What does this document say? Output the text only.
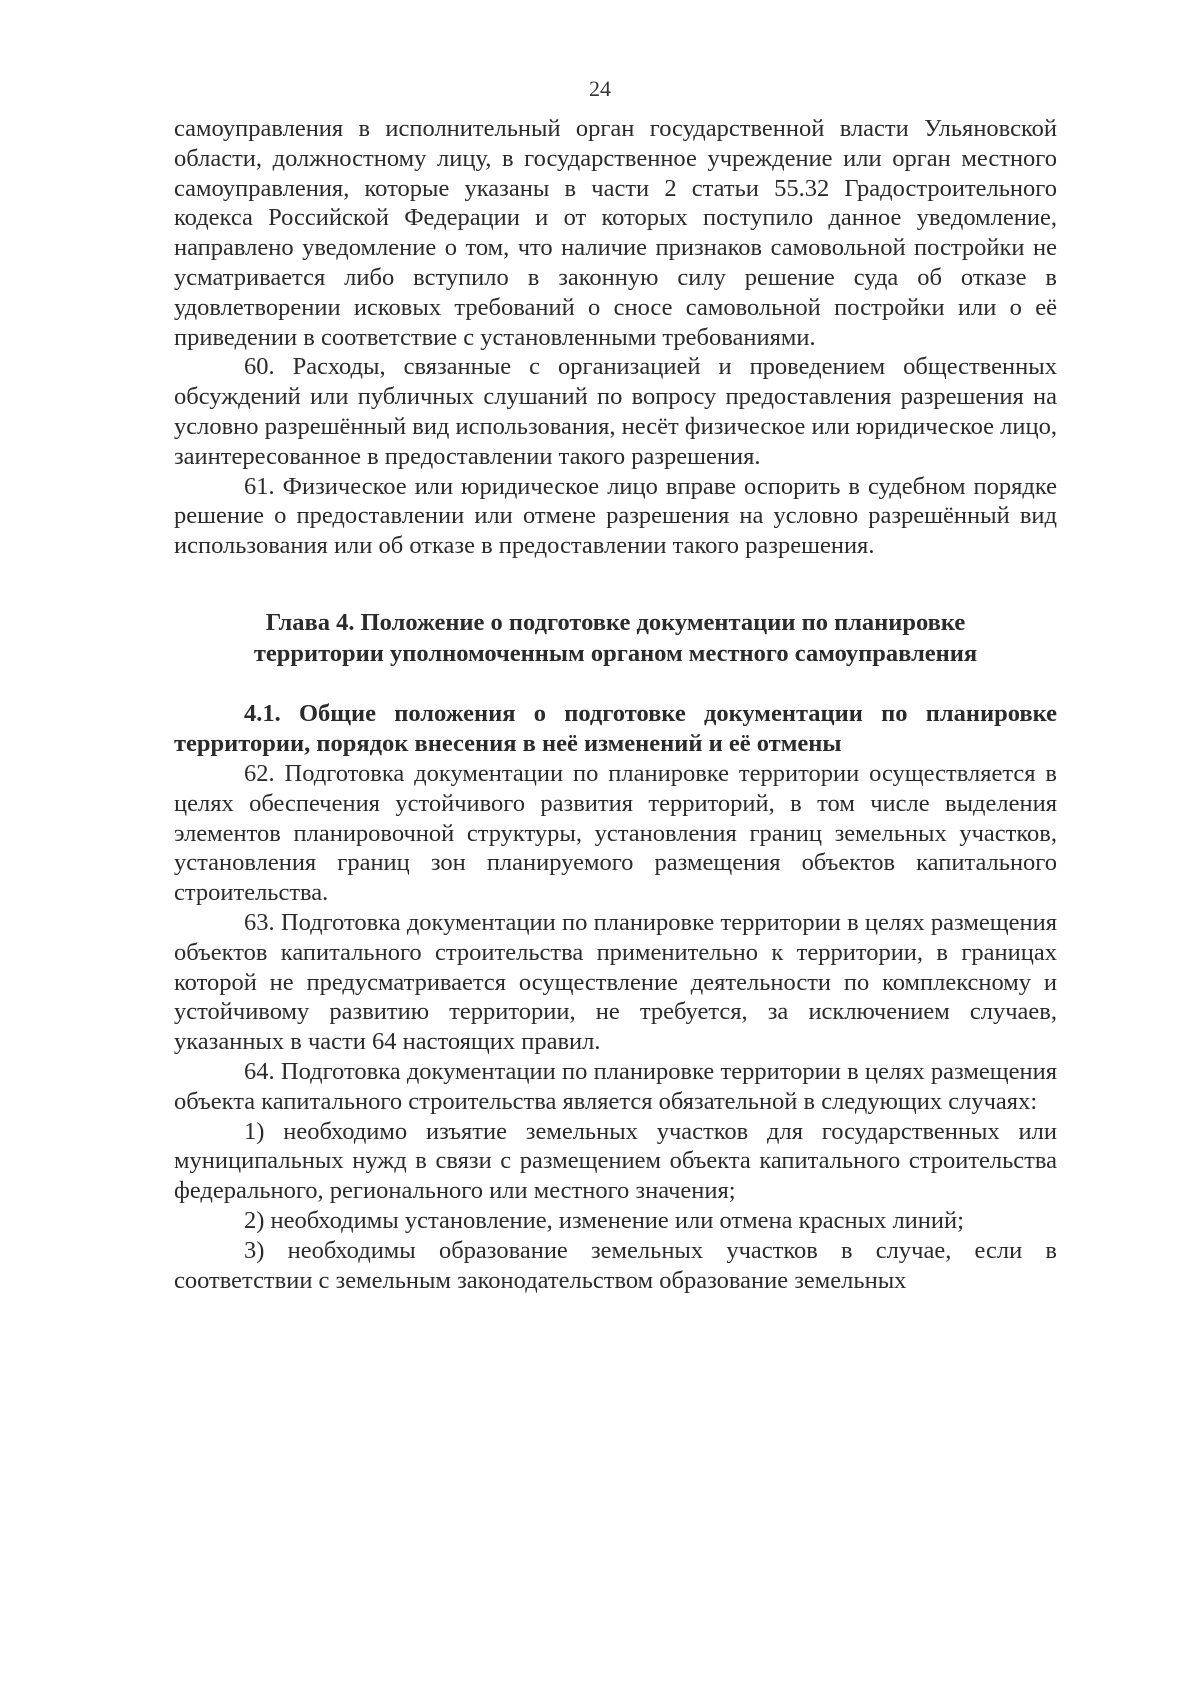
24

самоуправления в исполнительный орган государственной власти Ульяновской области, должностному лицу, в государственное учреждение или орган местного самоуправления, которые указаны в части 2 статьи 55.32 Градостроительного кодекса Российской Федерации и от которых поступило данное уведомление, направлено уведомление о том, что наличие признаков самовольной постройки не усматривается либо вступило в законную силу решение суда об отказе в удовлетворении исковых требований о сносе самовольной постройки или о её приведении в соответствие с установленными требованиями.

60. Расходы, связанные с организацией и проведением общественных обсуждений или публичных слушаний по вопросу предоставления разрешения на условно разрешённый вид использования, несёт физическое или юридическое лицо, заинтересованное в предоставлении такого разрешения.

61. Физическое или юридическое лицо вправе оспорить в судебном порядке решение о предоставлении или отмене разрешения на условно разрешённый вид использования или об отказе в предоставлении такого разрешения.

Глава 4. Положение о подготовке документации по планировке
территории уполномоченным органом местного самоуправления

4.1. Общие положения о подготовке документации по планировке территории, порядок внесения в неё изменений и её отмены

62. Подготовка документации по планировке территории осуществляется в целях обеспечения устойчивого развития территорий, в том числе выделения элементов планировочной структуры, установления границ земельных участков, установления границ зон планируемого размещения объектов капитального строительства.

63. Подготовка документации по планировке территории в целях размещения объектов капитального строительства применительно к территории, в границах которой не предусматривается осуществление деятельности по комплексному и устойчивому развитию территории, не требуется, за исключением случаев, указанных в части 64 настоящих правил.

64. Подготовка документации по планировке территории в целях размещения объекта капитального строительства является обязательной в следующих случаях:

1) необходимо изъятие земельных участков для государственных или муниципальных нужд в связи с размещением объекта капитального строительства федерального, регионального или местного значения;

2) необходимы установление, изменение или отмена красных линий;

3) необходимы образование земельных участков в случае, если в соответствии с земельным законодательством образование земельных
